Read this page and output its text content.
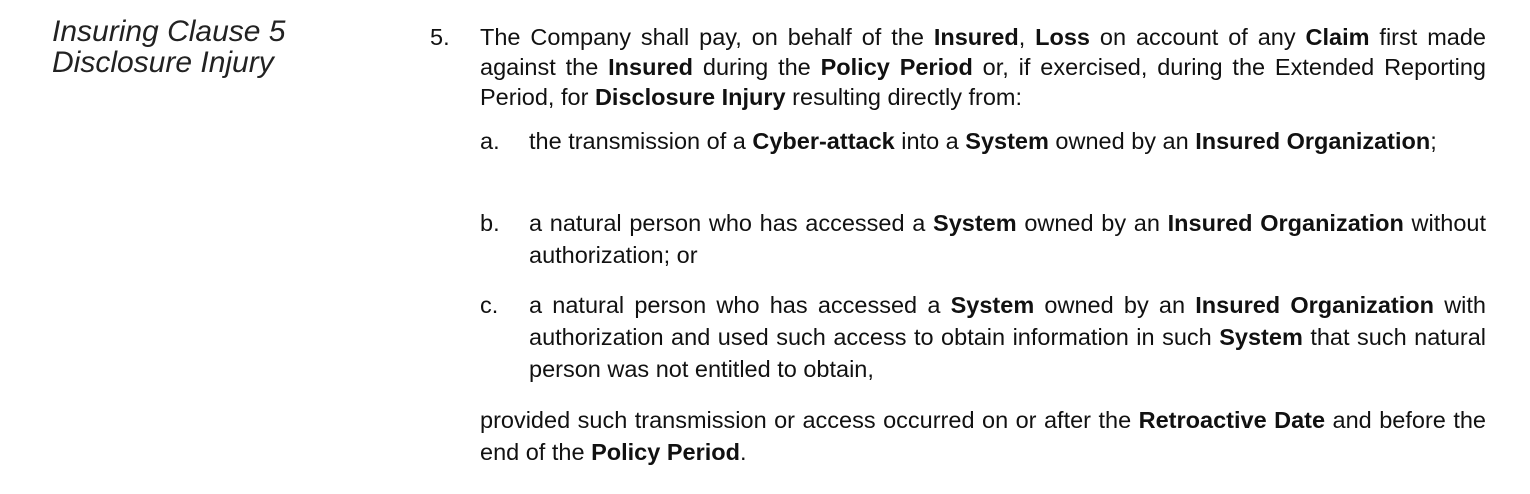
Insuring Clause 5
Disclosure Injury
5. The Company shall pay, on behalf of the Insured, Loss on account of any Claim first made against the Insured during the Policy Period or, if exercised, during the Extended Reporting Period, for Disclosure Injury resulting directly from:
a. the transmission of a Cyber-attack into a System owned by an Insured Organization;
b. a natural person who has accessed a System owned by an Insured Organization without authorization; or
c. a natural person who has accessed a System owned by an Insured Organization with authorization and used such access to obtain information in such System that such natural person was not entitled to obtain,
provided such transmission or access occurred on or after the Retroactive Date and before the end of the Policy Period.
